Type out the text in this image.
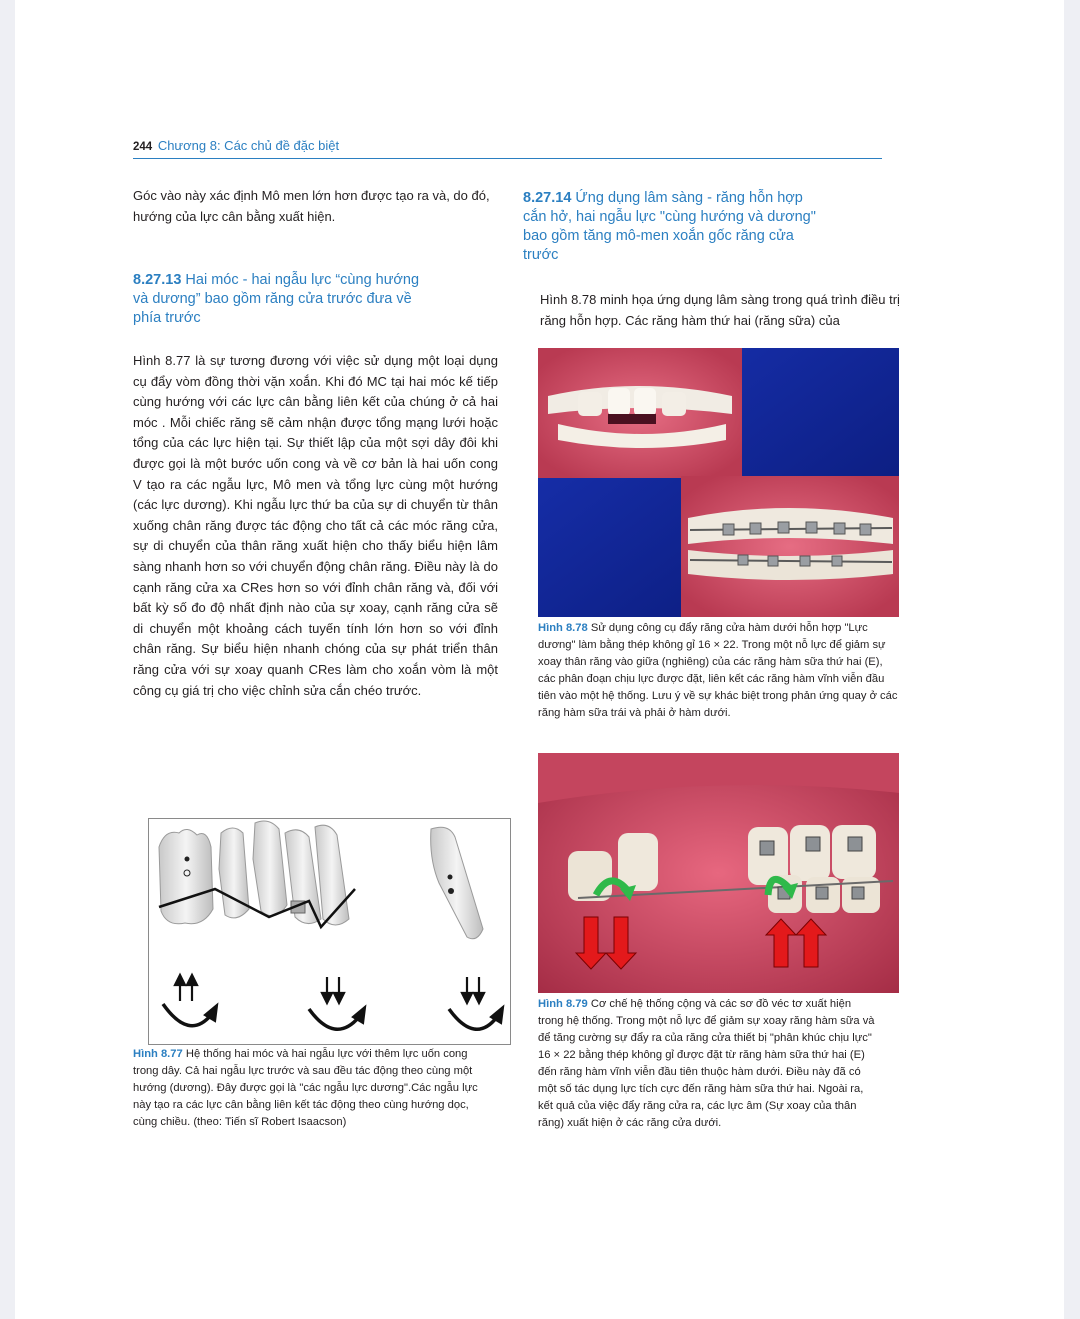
244 Chương 8: Các chủ đề đặc biệt
Góc vào này xác định Mô men lớn hơn được tạo ra và, do đó, hướng của lực cân bằng xuất hiện.
8.27.13 Hai móc - hai ngẫu lực “cùng hướng và dương” bao gồm răng cửa trước đưa về phía trước
Hình 8.77 là sự tương đương với việc sử dụng một loại dụng cụ đẩy vòm đồng thời vặn xoắn. Khi đó MC tại hai móc kế tiếp cùng hướng với các lực cân bằng liên kết của chúng ở cả hai móc . Mỗi chiếc răng sẽ cảm nhận được tổng mạng lưới hoặc tổng của các lực hiện tại. Sự thiết lập của một sợi dây đôi khi được gọi là một bước uốn cong và về cơ bản là hai uốn cong V tạo ra các ngẫu lực, Mô men và tổng lực cùng một hướng (các lực dương). Khi ngẫu lực thứ ba của sự di chuyển từ thân xuống chân răng được tác động cho tất cả các móc răng cửa, sự di chuyển của thân răng xuất hiện cho thấy biểu hiện lâm sàng nhanh hơn so với chuyển động chân răng. Điều này là do cạnh răng cửa xa CRes hơn so với đỉnh chân răng và, đối với bất kỳ số đo độ nhất định nào của sự xoay, cạnh răng cửa sẽ di chuyển một khoảng cách tuyến tính lớn hơn so với đỉnh chân răng. Sự biểu hiện nhanh chóng của sự phát triển thân răng cửa với sự xoay quanh CRes làm cho xoắn vòm là một công cụ giá trị cho việc chỉnh sửa cắn chéo trước.
Hình 8.77 Hệ thống hai móc và hai ngẫu lực với thêm lực uốn cong trong dây. Cả hai ngẫu lực trước và sau đều tác động theo cùng một hướng (dương). Đây được gọi là "các ngẫu lực dương".Các ngẫu lực này tạo ra các lực cân bằng liên kết tác động theo cùng hướng dọc, cùng chiều. (theo: Tiến sĩ Robert Isaacson)
8.27.14 Ứng dụng lâm sàng - răng hỗn hợp cắn hở, hai ngẫu lực "cùng hướng và dương" bao gồm tăng mô-men xoắn gốc răng cửa trước
Hình 8.78 minh họa ứng dụng lâm sàng trong quá trình điều trị răng hỗn hợp. Các răng hàm thứ hai (răng sữa) của
Hình 8.78 Sử dụng công cụ đẩy răng cửa hàm dưới hỗn hợp "Lực dương" làm bằng thép không gỉ 16 × 22. Trong một nỗ lực để giảm sự xoay thân răng vào giữa (nghiêng) của các răng hàm sữa thứ hai (E), các phân đoạn chịu lực được đặt, liên kết các răng hàm vĩnh viễn đầu tiên vào một hệ thống. Lưu ý về sự khác biệt trong phản ứng quay ở các răng hàm sữa trái và phải ở hàm dưới.
Hình 8.79 Cơ chế hệ thống cộng và các sơ đồ véc tơ xuất hiện trong hệ thống. Trong một nỗ lực để giảm sự xoay răng hàm sữa và để tăng cường sự đẩy ra của răng cửa thiết bị "phân khúc chịu lực" 16 × 22 bằng thép không gỉ được đặt từ răng hàm sữa thứ hai (E) đến răng hàm vĩnh viễn đầu tiên thuộc hàm dưới. Điều này đã có một số tác dụng lực tích cực đến răng hàm sữa thứ hai. Ngoài ra, kết quả của việc đẩy răng cửa ra, các lực âm (Sự xoay của thân răng) xuất hiện ở các răng cửa dưới.
